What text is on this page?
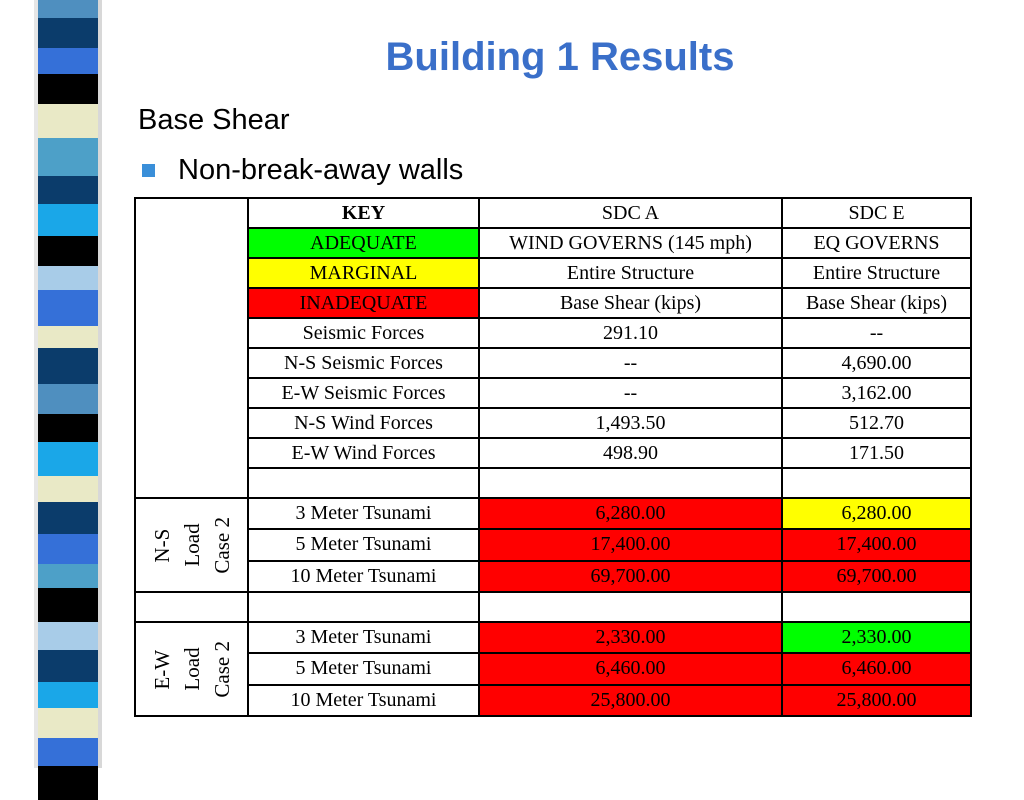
Building 1 Results
Base Shear
Non-break-away walls
	KEY	SDC A	SDC E
	ADEQUATE	WIND GOVERNS (145 mph)	EQ GOVERNS
	MARGINAL	Entire Structure	Entire Structure
	INADEQUATE	Base Shear (kips)	Base Shear (kips)
	Seismic Forces	291.10	--
	N-S Seismic Forces	--	4,690.00
	E-W Seismic Forces	--	3,162.00
	N-S Wind Forces	1,493.50	512.70
	E-W Wind Forces	498.90	171.50

N-S Load Case 2	3 Meter Tsunami	6,280.00	6,280.00
	5 Meter Tsunami	17,400.00	17,400.00
	10 Meter Tsunami	69,700.00	69,700.00

E-W Load Case 2	3 Meter Tsunami	2,330.00	2,330.00
	5 Meter Tsunami	6,460.00	6,460.00
	10 Meter Tsunami	25,800.00	25,800.00
